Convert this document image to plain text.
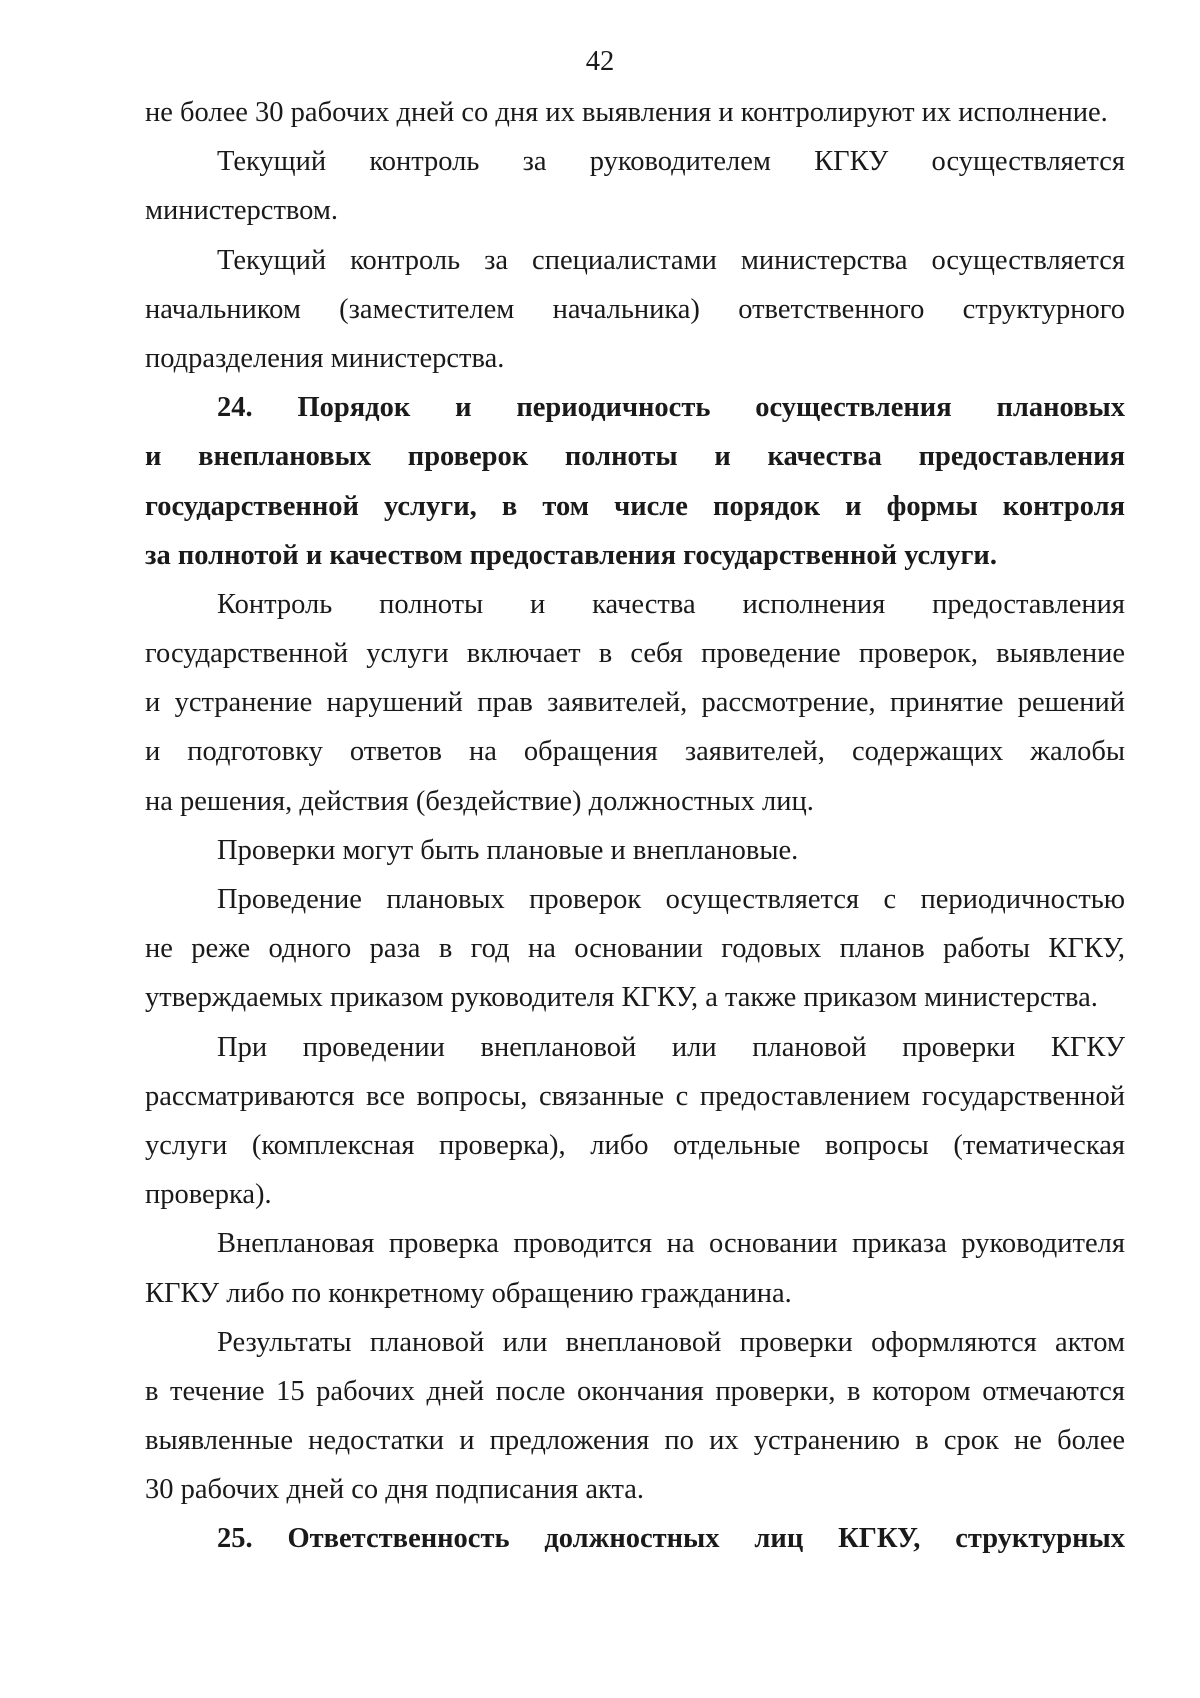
42
не более 30 рабочих дней со дня их выявления и контролируют их исполнение.
Текущий контроль за руководителем КГКУ осуществляется
министерством.
Текущий контроль за специалистами министерства осуществляется
начальником (заместителем начальника) ответственного структурного
подразделения министерства.
24. Порядок и периодичность осуществления плановых
и внеплановых проверок полноты и качества предоставления
государственной услуги, в том числе порядок и формы контроля
за полнотой и качеством предоставления государственной услуги.
Контроль полноты и качества исполнения предоставления
государственной услуги включает в себя проведение проверок, выявление
и устранение нарушений прав заявителей, рассмотрение, принятие решений
и подготовку ответов на обращения заявителей, содержащих жалобы
на решения, действия (бездействие) должностных лиц.
Проверки могут быть плановые и внеплановые.
Проведение плановых проверок осуществляется с периодичностью
не реже одного раза в год на основании годовых планов работы КГКУ,
утверждаемых приказом руководителя КГКУ, а также приказом министерства.
При проведении внеплановой или плановой проверки КГКУ
рассматриваются все вопросы, связанные с предоставлением государственной
услуги (комплексная проверка), либо отдельные вопросы (тематическая
проверка).
Внеплановая проверка проводится на основании приказа руководителя
КГКУ либо по конкретному обращению гражданина.
Результаты плановой или внеплановой проверки оформляются актом
в течение 15 рабочих дней после окончания проверки, в котором отмечаются
выявленные недостатки и предложения по их устранению в срок не более
30 рабочих дней со дня подписания акта.
25. Ответственность должностных лиц КГКУ, структурных
